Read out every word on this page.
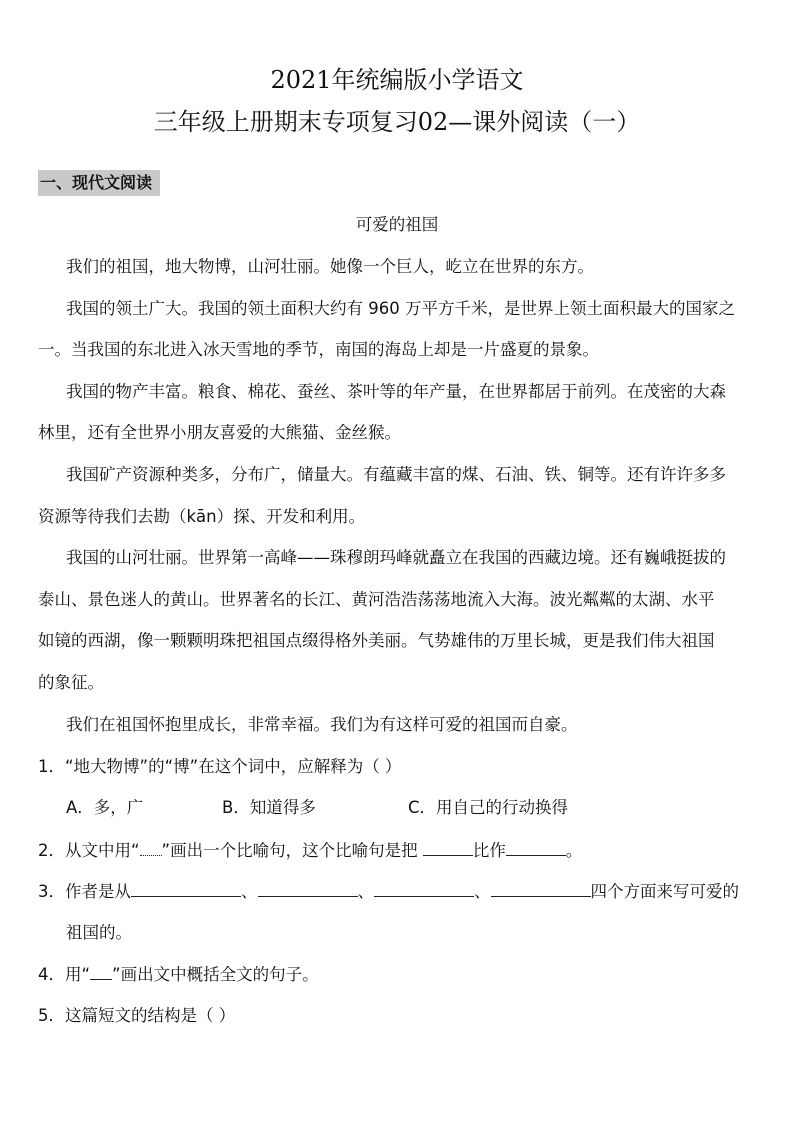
2021年统编版小学语文
三年级上册期末专项复习02—课外阅读（一）
一、现代文阅读
可爱的祖国
我们的祖国，地大物博，山河壮丽。她像一个巨人，屹立在世界的东方。
我国的领土广大。我国的领土面积大约有 960 万平方千米，是世界上领土面积最大的国家之
一。当我国的东北进入冰天雪地的季节，南国的海岛上却是一片盛夏的景象。
我国的物产丰富。粮食、棉花、蚕丝、茶叶等的年产量，在世界都居于前列。在茂密的大森
林里，还有全世界小朋友喜爱的大熊猫、金丝猴。
我国矿产资源种类多，分布广，储量大。有蕴藏丰富的煤、石油、铁、铜等。还有许许多多
资源等待我们去勘（kān）探、开发和利用。
我国的山河壮丽。世界第一高峰——珠穆朗玛峰就矗立在我国的西藏边境。还有巍峨挺拔的
泰山、景色迷人的黄山。世界著名的长江、黄河浩浩荡荡地流入大海。波光粼粼的太湖、水平
如镜的西湖，像一颗颗明珠把祖国点缀得格外美丽。气势雄伟的万里长城，更是我们伟大祖国
的象征。
我们在祖国怀抱里成长，非常幸福。我们为有这样可爱的祖国而自豪。
1．“地大物博”的“博”在这个词中，应解释为（ ）
A．多，广	B．知道得多	C．用自己的行动换得
2．从文中用“ ”画出一个比喻句，这个比喻句是把	比作	。
3．作者是从	、	、	、	四个方面来写可爱的
祖国的。
4．用“ ”画出文中概括全文的句子。
5．这篇短文的结构是（ ）
